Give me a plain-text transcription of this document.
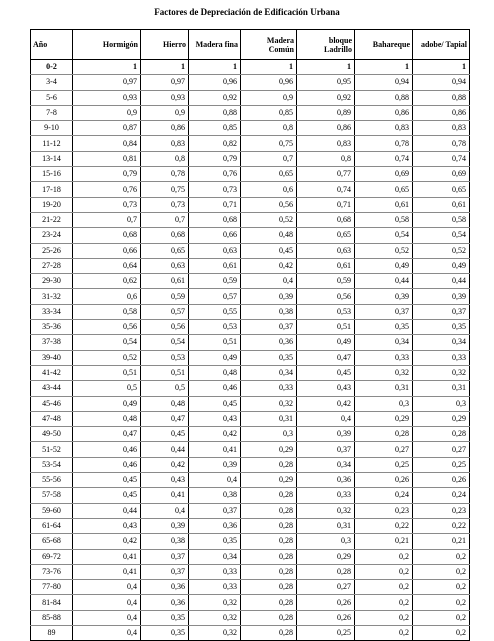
Factores de Depreciación de Edificación Urbana
Año	Hormigón	Hierro	Madera fina	Madera Común	bloque Ladrillo	Bahareque	adobe/ Tapial
0-2	1	1	1	1	1	1	1
3-4	0,97	0,97	0,96	0,96	0,95	0,94	0,94
5-6	0,93	0,93	0,92	0,9	0,92	0,88	0,88
7-8	0,9	0,9	0,88	0,85	0,89	0,86	0,86
9-10	0,87	0,86	0,85	0,8	0,86	0,83	0,83
11-12	0,84	0,83	0,82	0,75	0,83	0,78	0,78
13-14	0,81	0,8	0,79	0,7	0,8	0,74	0,74
15-16	0,79	0,78	0,76	0,65	0,77	0,69	0,69
17-18	0,76	0,75	0,73	0,6	0,74	0,65	0,65
19-20	0,73	0,73	0,71	0,56	0,71	0,61	0,61
21-22	0,7	0,7	0,68	0,52	0,68	0,58	0,58
23-24	0,68	0,68	0,66	0,48	0,65	0,54	0,54
25-26	0,66	0,65	0,63	0,45	0,63	0,52	0,52
27-28	0,64	0,63	0,61	0,42	0,61	0,49	0,49
29-30	0,62	0,61	0,59	0,4	0,59	0,44	0,44
31-32	0,6	0,59	0,57	0,39	0,56	0,39	0,39
33-34	0,58	0,57	0,55	0,38	0,53	0,37	0,37
35-36	0,56	0,56	0,53	0,37	0,51	0,35	0,35
37-38	0,54	0,54	0,51	0,36	0,49	0,34	0,34
39-40	0,52	0,53	0,49	0,35	0,47	0,33	0,33
41-42	0,51	0,51	0,48	0,34	0,45	0,32	0,32
43-44	0,5	0,5	0,46	0,33	0,43	0,31	0,31
45-46	0,49	0,48	0,45	0,32	0,42	0,3	0,3
47-48	0,48	0,47	0,43	0,31	0,4	0,29	0,29
49-50	0,47	0,45	0,42	0,3	0,39	0,28	0,28
51-52	0,46	0,44	0,41	0,29	0,37	0,27	0,27
53-54	0,46	0,42	0,39	0,28	0,34	0,25	0,25
55-56	0,45	0,43	0,4	0,29	0,36	0,26	0,26
57-58	0,45	0,41	0,38	0,28	0,33	0,24	0,24
59-60	0,44	0,4	0,37	0,28	0,32	0,23	0,23
61-64	0,43	0,39	0,36	0,28	0,31	0,22	0,22
65-68	0,42	0,38	0,35	0,28	0,3	0,21	0,21
69-72	0,41	0,37	0,34	0,28	0,29	0,2	0,2
73-76	0,41	0,37	0,33	0,28	0,28	0,2	0,2
77-80	0,4	0,36	0,33	0,28	0,27	0,2	0,2
81-84	0,4	0,36	0,32	0,28	0,26	0,2	0,2
85-88	0,4	0,35	0,32	0,28	0,26	0,2	0,2
89	0,4	0,35	0,32	0,28	0,25	0,2	0,2
